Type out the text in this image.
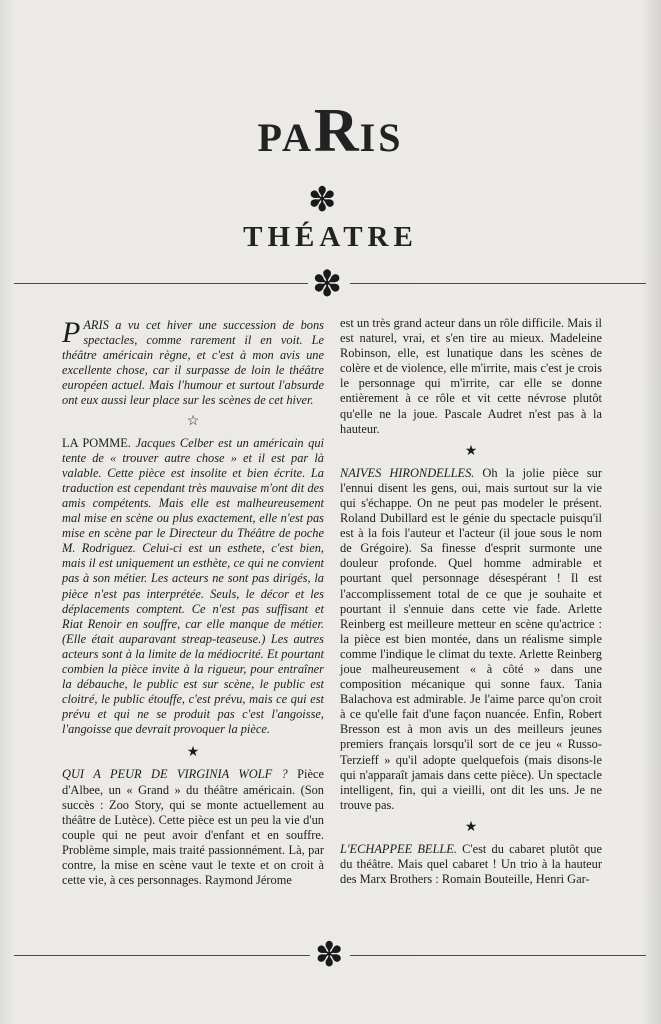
PARIS
✽
THÉATRE
✽

PARIS a vu cet hiver une succession de bons spectacles, comme rarement il en voit. Le théâtre américain règne, et c'est à mon avis une excellente chose, car il surpasse de loin le théâtre européen actuel. Mais l'humour et surtout l'absurde ont eux aussi leur place sur les scènes de cet hiver.

☆

LA POMME. Jacques Celber est un américain qui tente de « trouver autre chose » et il est par là valable. Cette pièce est insolite et bien écrite. La traduction est cependant très mauvaise m'ont dit des amis compétents. Mais elle est malheureusement mal mise en scène ou plus exactement, elle n'est pas mise en scène par le Directeur du Théâtre de poche M. Rodriguez. Celui-ci est un esthete, c'est bien, mais il est uniquement un esthète, ce qui ne convient pas à son métier. Les acteurs ne sont pas dirigés, la pièce n'est pas interprétée. Seuls, le décor et les déplacements comptent. Ce n'est pas suffisant et Riat Renoir en souffre, car elle manque de métier. (Elle était auparavant streap-teaseuse.) Les autres acteurs sont à la limite de la médiocrité. Et pourtant combien la pièce invite à la rigueur, pour entraîner la débauche, le public est sur scène, le public est cloitré, le public étouffe, c'est prévu, mais ce qui est prévu et qui ne se produit pas c'est l'angoisse, l'angoisse que devrait provoquer la pièce.

★

QUI A PEUR DE VIRGINIA WOLF ? Pièce d'Albee, un « Grand » du théâtre américain. (Son succès : Zoo Story, qui se monte actuellement au théâtre de Lutèce). Cette pièce est un peu la vie d'un couple qui ne peut avoir d'enfant et en souffre. Problème simple, mais traité passionnément. Là, par contre, la mise en scène vaut le texte et on croit à cette vie, à ces personnages. Raymond Jérome

est un très grand acteur dans un rôle difficile. Mais il est naturel, vrai, et s'en tire au mieux. Madeleine Robinson, elle, est lunatique dans les scènes de colère et de violence, elle m'irrite, mais c'est je crois le personnage qui m'irrite, car elle se donne entièrement à ce rôle et vit cette névrose plutôt qu'elle ne la joue. Pascale Audret n'est pas à la hauteur.

★

NAIVES HIRONDELLES. Oh la jolie pièce sur l'ennui disent les gens, oui, mais surtout sur la vie qui s'échappe. On ne peut pas modeler le présent. Roland Dubillard est le génie du spectacle puisqu'il est à la fois l'auteur et l'acteur (il joue sous le nom de Grégoire). Sa finesse d'esprit surmonte une douleur profonde. Quel homme admirable et pourtant quel personnage désespérant ! Il est l'accomplissement total de ce que je souhaite et pourtant il s'ennuie dans cette vie fade. Arlette Reinberg est meilleure metteur en scène qu'actrice : la pièce est bien montée, dans un réalisme simple comme l'indique le climat du texte. Arlette Reinberg joue malheureusement « à côté » dans une composition mécanique qui sonne faux. Tania Balachova est admirable. Je l'aime parce qu'on croit à ce qu'elle fait d'une façon nuancée. Enfin, Robert Bresson est à mon avis un des meilleurs jeunes premiers français lorsqu'il sort de ce jeu « Russo-Terzieff » qu'il adopte quelquefois (mais disons-le qui n'apparaît jamais dans cette pièce). Un spectacle intelligent, fin, qui a vieilli, ont dit les uns. Je ne trouve pas.

★

L'ECHAPPEE BELLE. C'est du cabaret plutôt que du théâtre. Mais quel cabaret ! Un trio à la hauteur des Marx Brothers : Romain Bouteille, Henri Gar-

✽
